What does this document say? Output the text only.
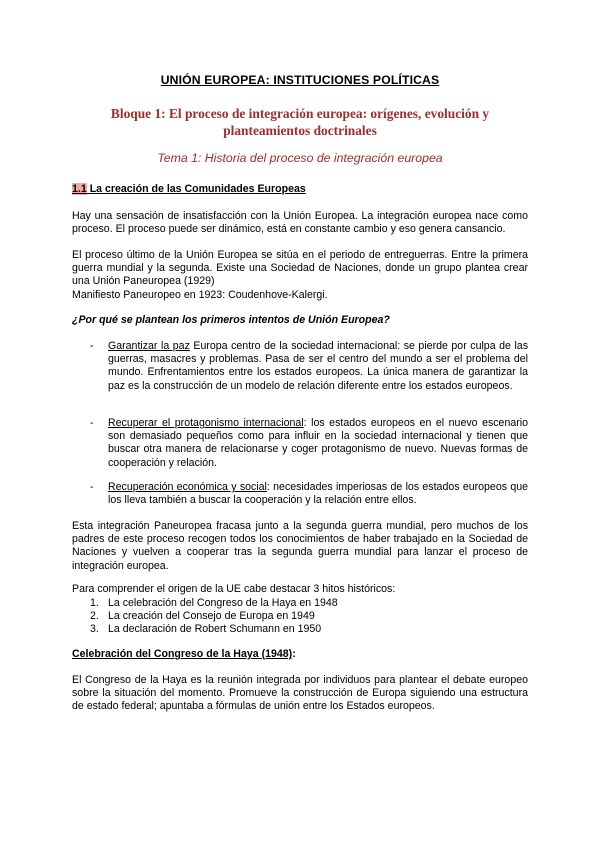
UNIÓN EUROPEA: INSTITUCIONES POLÍTICAS
Bloque 1: El proceso de integración europea: orígenes, evolución y planteamientos doctrinales
Tema 1: Historia del proceso de integración europea
1.1 La creación de las Comunidades Europeas
Hay una sensación de insatisfacción con la Unión Europea. La integración europea nace como proceso. El proceso puede ser dinámico, está en constante cambio y eso genera cansancio.
El proceso último de la Unión Europea se sitúa en el periodo de entreguerras. Entre la primera guerra mundial y la segunda. Existe una Sociedad de Naciones, donde un grupo plantea crear una Unión Paneuropea (1929)
Manifiesto Paneuropeo en 1923: Coudenhove-Kalergi.
¿Por qué se plantean los primeros intentos de Unión Europea?
- Garantizar la paz Europa centro de la sociedad internacional: se pierde por culpa de las guerras, masacres y problemas. Pasa de ser el centro del mundo a ser el problema del mundo. Enfrentamientos entre los estados europeos. La única manera de garantizar la paz es la construcción de un modelo de relación diferente entre los estados europeos.
- Recuperar el protagonismo internacional: los estados europeos en el nuevo escenario son demasiado pequeños como para influir en la sociedad internacional y tienen que buscar otra manera de relacionarse y coger protagonismo de nuevo. Nuevas formas de cooperación y relación.
- Recuperación económica y social: necesidades imperiosas de los estados europeos que los lleva también a buscar la cooperación y la relación entre ellos.
Esta integración Paneuropea fracasa junto a la segunda guerra mundial, pero muchos de los padres de este proceso recogen todos los conocimientos de haber trabajado en la Sociedad de Naciones y vuelven a cooperar tras la segunda guerra mundial para lanzar el proceso de integración europea.
Para comprender el origen de la UE cabe destacar 3 hitos históricos:
1. La celebración del Congreso de la Haya en 1948
2. La creación del Consejo de Europa en 1949
3. La declaración de Robert Schumann en 1950
Celebración del Congreso de la Haya (1948):
El Congreso de la Haya es la reunión integrada por individuos para plantear el debate europeo sobre la situación del momento. Promueve la construcción de Europa siguiendo una estructura de estado federal; apuntaba a fórmulas de unión entre los Estados europeos.
